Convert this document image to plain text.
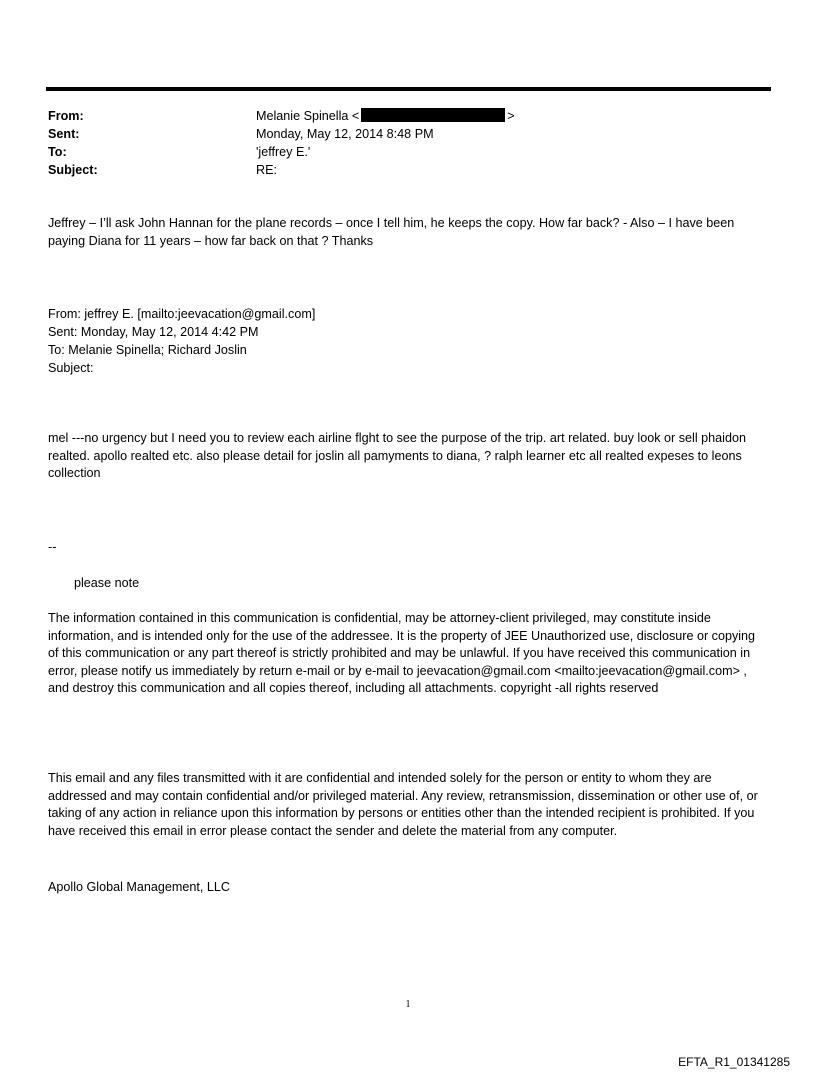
From:	Melanie Spinella <	>
Sent:	Monday, May 12, 2014 8:48 PM
To:	'jeffrey E.'
Subject:	RE:

Jeffrey – I’ll ask John Hannan for the plane records – once I tell him, he keeps the copy. How far back? - Also – I have been paying Diana for 11 years – how far back on that ? Thanks

From: jeffrey E. [mailto:jeevacation@gmail.com]
Sent: Monday, May 12, 2014 4:42 PM
To: Melanie Spinella; Richard Joslin
Subject:

mel ---no urgency but I need you to review each airline flght to see the purpose of the trip. art related. buy look or sell phaidon realted. apollo realted etc. also please detail for joslin all pamyments to diana, ? ralph learner etc all realted expeses to leons collection

--
please note

The information contained in this communication is confidential, may be attorney-client privileged, may constitute inside information, and is intended only for the use of the addressee. It is the property of JEE Unauthorized use, disclosure or copying of this communication or any part thereof is strictly prohibited and may be unlawful. If you have received this communication in error, please notify us immediately by return e-mail or by e-mail to jeevacation@gmail.com <mailto:jeevacation@gmail.com> , and destroy this communication and all copies thereof, including all attachments. copyright -all rights reserved

This email and any files transmitted with it are confidential and intended solely for the person or entity to whom they are addressed and may contain confidential and/or privileged material. Any review, retransmission, dissemination or other use of, or taking of any action in reliance upon this information by persons or entities other than the intended recipient is prohibited. If you have received this email in error please contact the sender and delete the material from any computer.

Apollo Global Management, LLC
1
EFTA_R1_01341285
